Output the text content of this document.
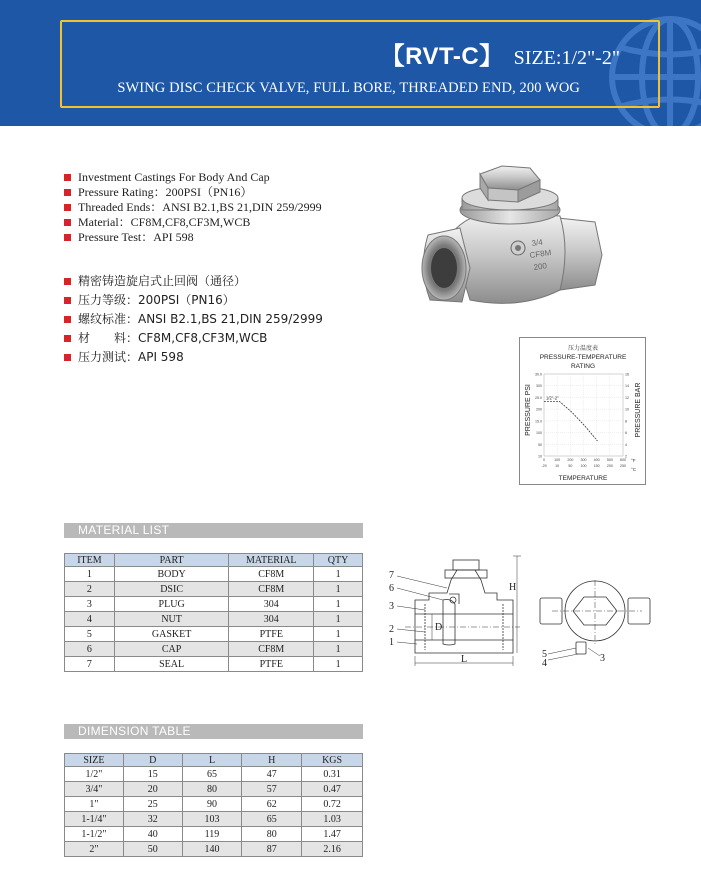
【RVT-C】 SIZE:1/2"-2"
SWING DISC CHECK VALVE, FULL BORE, THREADED END, 200 WOG
Investment Castings For Body And Cap
Pressure Rating：200PSI（PN16）
Threaded Ends：ANSI B2.1,BS 21,DIN 259/2999
Material：CF8M,CF8,CF3M,WCB
Pressure Test：API 598
精密铸造旋启式止回阀（通径）
压力等级：200PSI（PN16）
螺纹标准：ANSI B2.1,BS 21,DIN 259/2999
材　　料：CF8M,CF8,CF3M,WCB
压力测试：API 598
3/4
CF8M
200
压力温度表
PRESSURE-TEMPERATURE
RATING
PRESSURE PSI	PRESSURE BAR
TEMPERATURE
°F
°C
30.0	16
300	14
25.0	12
200	10
15.0	8
100	6
50	4
10	2
0
-29
100
10
200
50
300
100
400
150
500
200
600
250
1/2"-2"
MATERIAL LIST
ITEM	PART	MATERIAL	QTY
1	BODY	CF8M	1
2	DSIC	CF8M	1
3	PLUG	304	1
4	NUT	304	1
5	GASKET	PTFE	1
6	CAP	CF8M	1
7	SEAL	PTFE	1
DIMENSION TABLE
SIZE	D	L	H	KGS
1/2"	15	65	47	0.31
3/4"	20	80	57	0.47
1"	25	90	62	0.72
1-1/4"	32	103	65	1.03
1-1/2"	40	119	80	1.47
2"	50	140	87	2.16
7
6
3
2
1
D
H
L	5
4	3
